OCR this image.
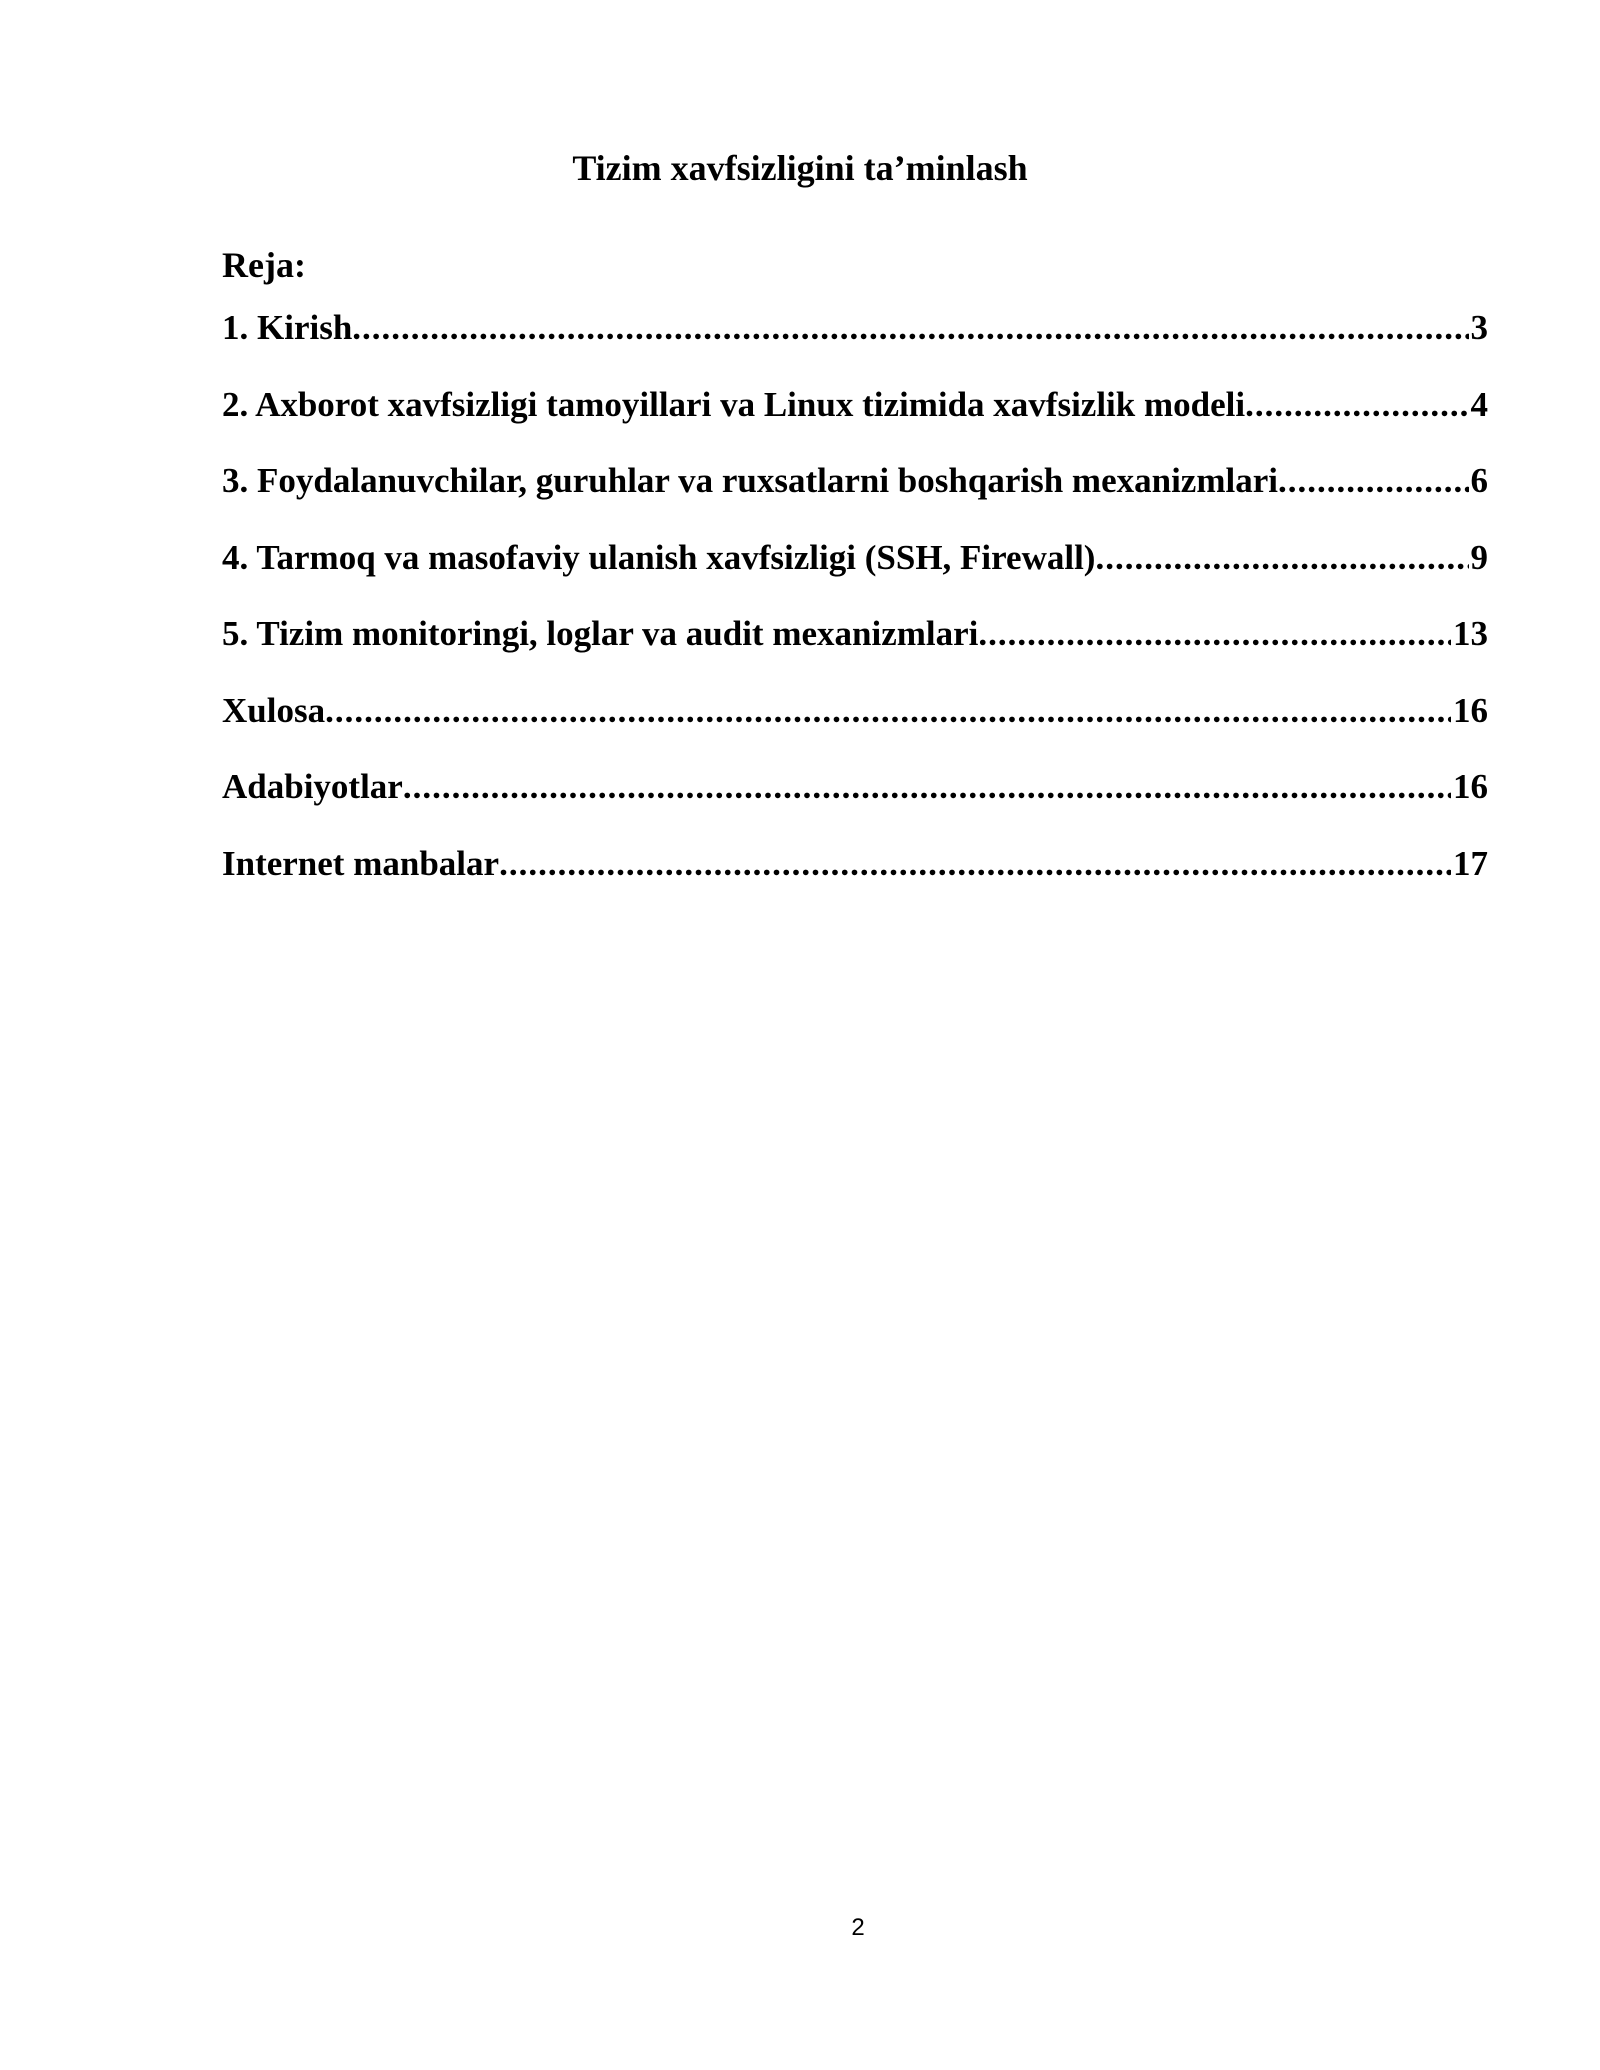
Tizim xavfsizligini ta’minlash
Reja:
1. Kirish .....	3
2. Axborot xavfsizligi tamoyillari va Linux tizimida xavfsizlik modeli .....	4
3. Foydalanuvchilar, guruhlar va ruxsatlarni boshqarish mexanizmlari .....	6
4. Tarmoq va masofaviy ulanish xavfsizligi (SSH, Firewall) .....	9
5. Tizim monitoringi, loglar va audit mexanizmlari .....	13
Xulosa .....	16
Adabiyotlar .....	16
Internet manbalar .....	17
2
